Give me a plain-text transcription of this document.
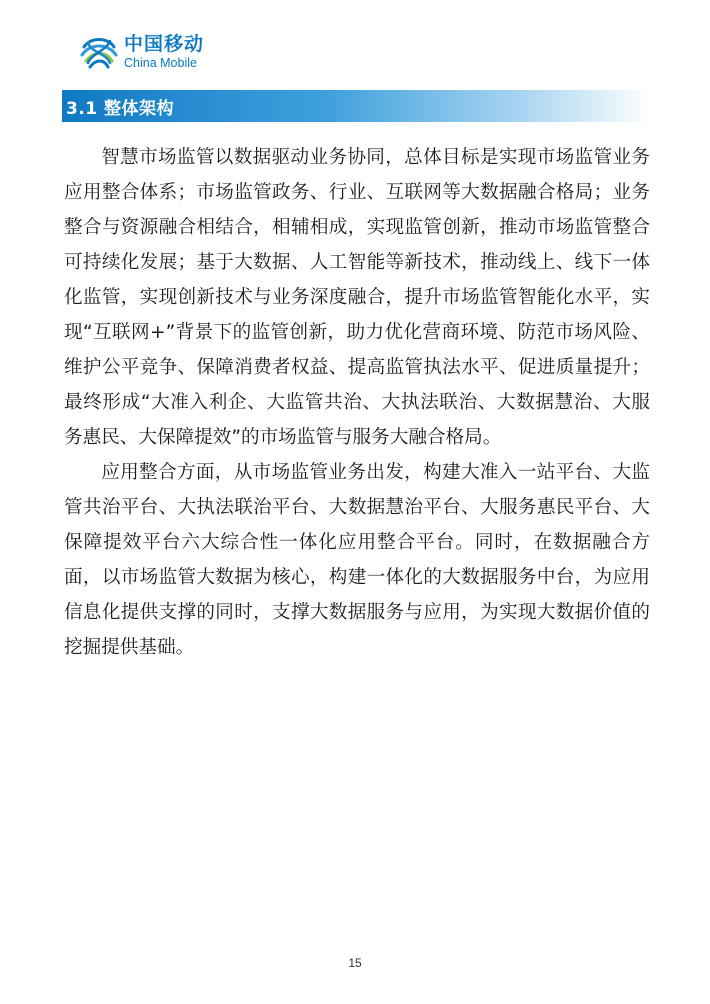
中国移动
China Mobile
3.1 整体架构

智慧市场监管以数据驱动业务协同，总体目标是实现市场监管业务应用整合体系；市场监管政务、行业、互联网等大数据融合格局；业务整合与资源融合相结合，相辅相成，实现监管创新，推动市场监管整合可持续化发展；基于大数据、人工智能等新技术，推动线上、线下一体化监管，实现创新技术与业务深度融合，提升市场监管智能化水平，实现“互联网+”背景下的监管创新，助力优化营商环境、防范市场风险、维护公平竞争、保障消费者权益、提高监管执法水平、促进质量提升；最终形成“大准入利企、大监管共治、大执法联治、大数据慧治、大服务惠民、大保障提效”的市场监管与服务大融合格局。

应用整合方面，从市场监管业务出发，构建大准入一站平台、大监管共治平台、大执法联治平台、大数据慧治平台、大服务惠民平台、大保障提效平台六大综合性一体化应用整合平台。同时，在数据融合方面，以市场监管大数据为核心，构建一体化的大数据服务中台，为应用信息化提供支撑的同时，支撑大数据服务与应用，为实现大数据价值的挖掘提供基础。

15
